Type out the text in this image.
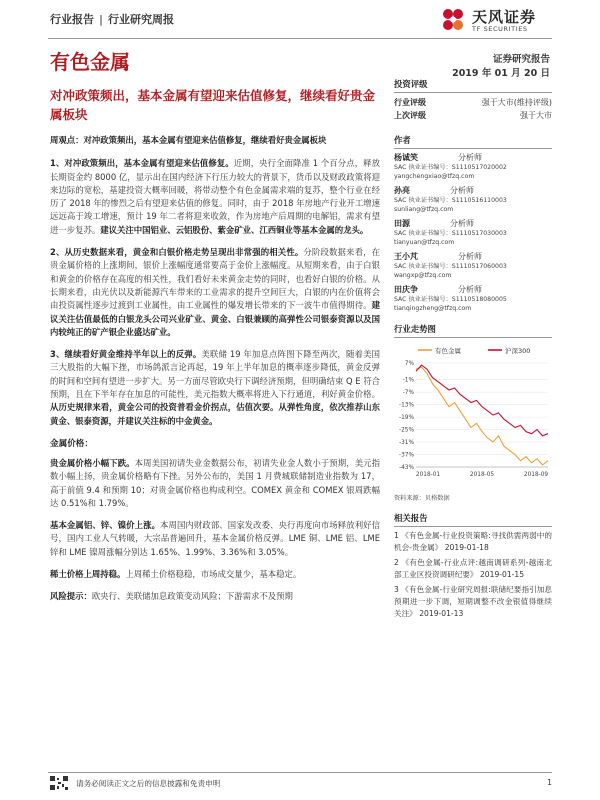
行业报告 | 行业研究周报	天风证券
TF SECURITIES
有色金属	证券研究报告
2019 年 01 月 20 日
对冲政策频出，基本金属有望迎来估值修复，继续看好贵金属板块
周观点：对冲政策频出，基本金属有望迎来估值修复，继续看好贵金属板块
1、对冲政策频出，基本金属有望迎来估值修复。近期，央行全面降准 1 个百分点，释放长期资金约 8000 亿，显示出在国内经济下行压力较大的背景下，货币以及财政政策将迎来边际的宽松，基建投资大概率回暖，将带动整个有色金属需求端的复苏，整个行业在经历了 2018 年的惨烈之后有望迎来估值的修复。同时，由于 2018 年房地产行业开工增速远远高于竣工增速，预计 19 年二者将迎来收敛，作为房地产后周期的电解铝，需求有望进一步复苏。建议关注中国铝业、云铝股份、紫金矿业、江西铜业等基本金属的龙头。
2、从历史数据来看，黄金和白银价格走势呈现出非常强的相关性。分阶段数据来看，在贵金属价格的上涨期间，银价上涨幅度通常要高于金价上涨幅度。从短期来看，由于白银和黄金的价格存在高度的相关性，我们看好未来黄金走势的同时，也看好白银的价格。从长期来看，由光伏以及新能源汽车带来的工业需求的提升空间巨大，白银的内在价值将会由投资属性逐步过渡到工业属性，由工业属性的爆发增长带来的下一波牛市值得期待。建议关注估值最低的白银龙头公司兴业矿业、黄金、白银兼顾的高弹性公司银泰资源以及国内较纯正的矿产银企业盛达矿业。
3、继续看好黄金维持半年以上的反弹。美联储 19 年加息点阵图下降至两次，随着美国三大股指的大幅下挫，市场鸽派言论再起，19 年上半年加息的概率逐步降低，黄金反弹的时间和空间有望进一步扩大。另一方面尽管欧央行下调经济预期，但明确结束 Q E 符合预期，且在下半年存在加息的可能性，美元指数大概率将进入下行通道，利好黄金价格。从历史规律来看，黄金公司的投资普看金价拐点，估值次要。从弹性角度，依次推荐山东黄金、银泰资源，并建议关注标的中金黄金。
金属价格：
贵金属价格小幅下跌。本周美国初请失业金数据公布，初请失业金人数小于预期，美元指数小幅上扬，贵金属价格略有下挫。另外公布的，美国 1 月费城联储制造业指数为 17，高于前值 9.4 和预期 10；对贵金属价格也构成利空。COMEX 黄金和 COMEX 银周跌幅达 0.51%和 1.79%。
基本金属铝、锌、镍价上涨。本周国内财政部、国家发改委、央行再度向市场释放利好信号，国内工业人气转暖，大宗品普遍回升，基本金属价格反弹。LME 铜、LME 铝、LME 锌和 LME 镍周涨幅分别达 1.65%、1.99%、3.36%和 3.05%。
稀土价格上周持稳。上周稀土价格稳稳，市场成交量少，基本稳定。
风险提示：欧央行、美联储加息政策变动风险；下游需求不及预期
投资评级
行业评级	强于大市(维持评级)
上次评级	强于大市
作者
杨诚笑	分析师
SAC 执业证书编号：S1110517020002
yangchengxiao@tfzq.com
孙亮	分析师
SAC 执业证书编号：S1110516110003
sunliang@tfzq.com
田源	分析师
SAC 执业证书编号：S1110517030003
tianyuan@tfzq.com
王小芃	分析师
SAC 执业证书编号：S1110517060003
wangxp@tfzq.com
田庆争	分析师
SAC 执业证书编号：S1110518080005
tianqingzheng@tfzq.com
行业走势图
有色金属	沪深300
7%
-1%
-7%
-13%
-19%
-25%
-31%
-37%
-43%
2018-01	2018-05	2018-09
资料来源：贝格数据
相关报告
1 《有色金属-行业投资策略:寻找供需两弱中的机会-贵金属》 2019-01-18
2 《有色金属-行业点评:越南调研系列-越南北部工业区投资调研纪要》 2019-01-15
3 《有色金属-行业研究周报:联储纪要指引加息预期进一步下调，短期调整不改金银值得继续关注》 2019-01-13
请务必阅读正文之后的信息披露和免责申明	1
